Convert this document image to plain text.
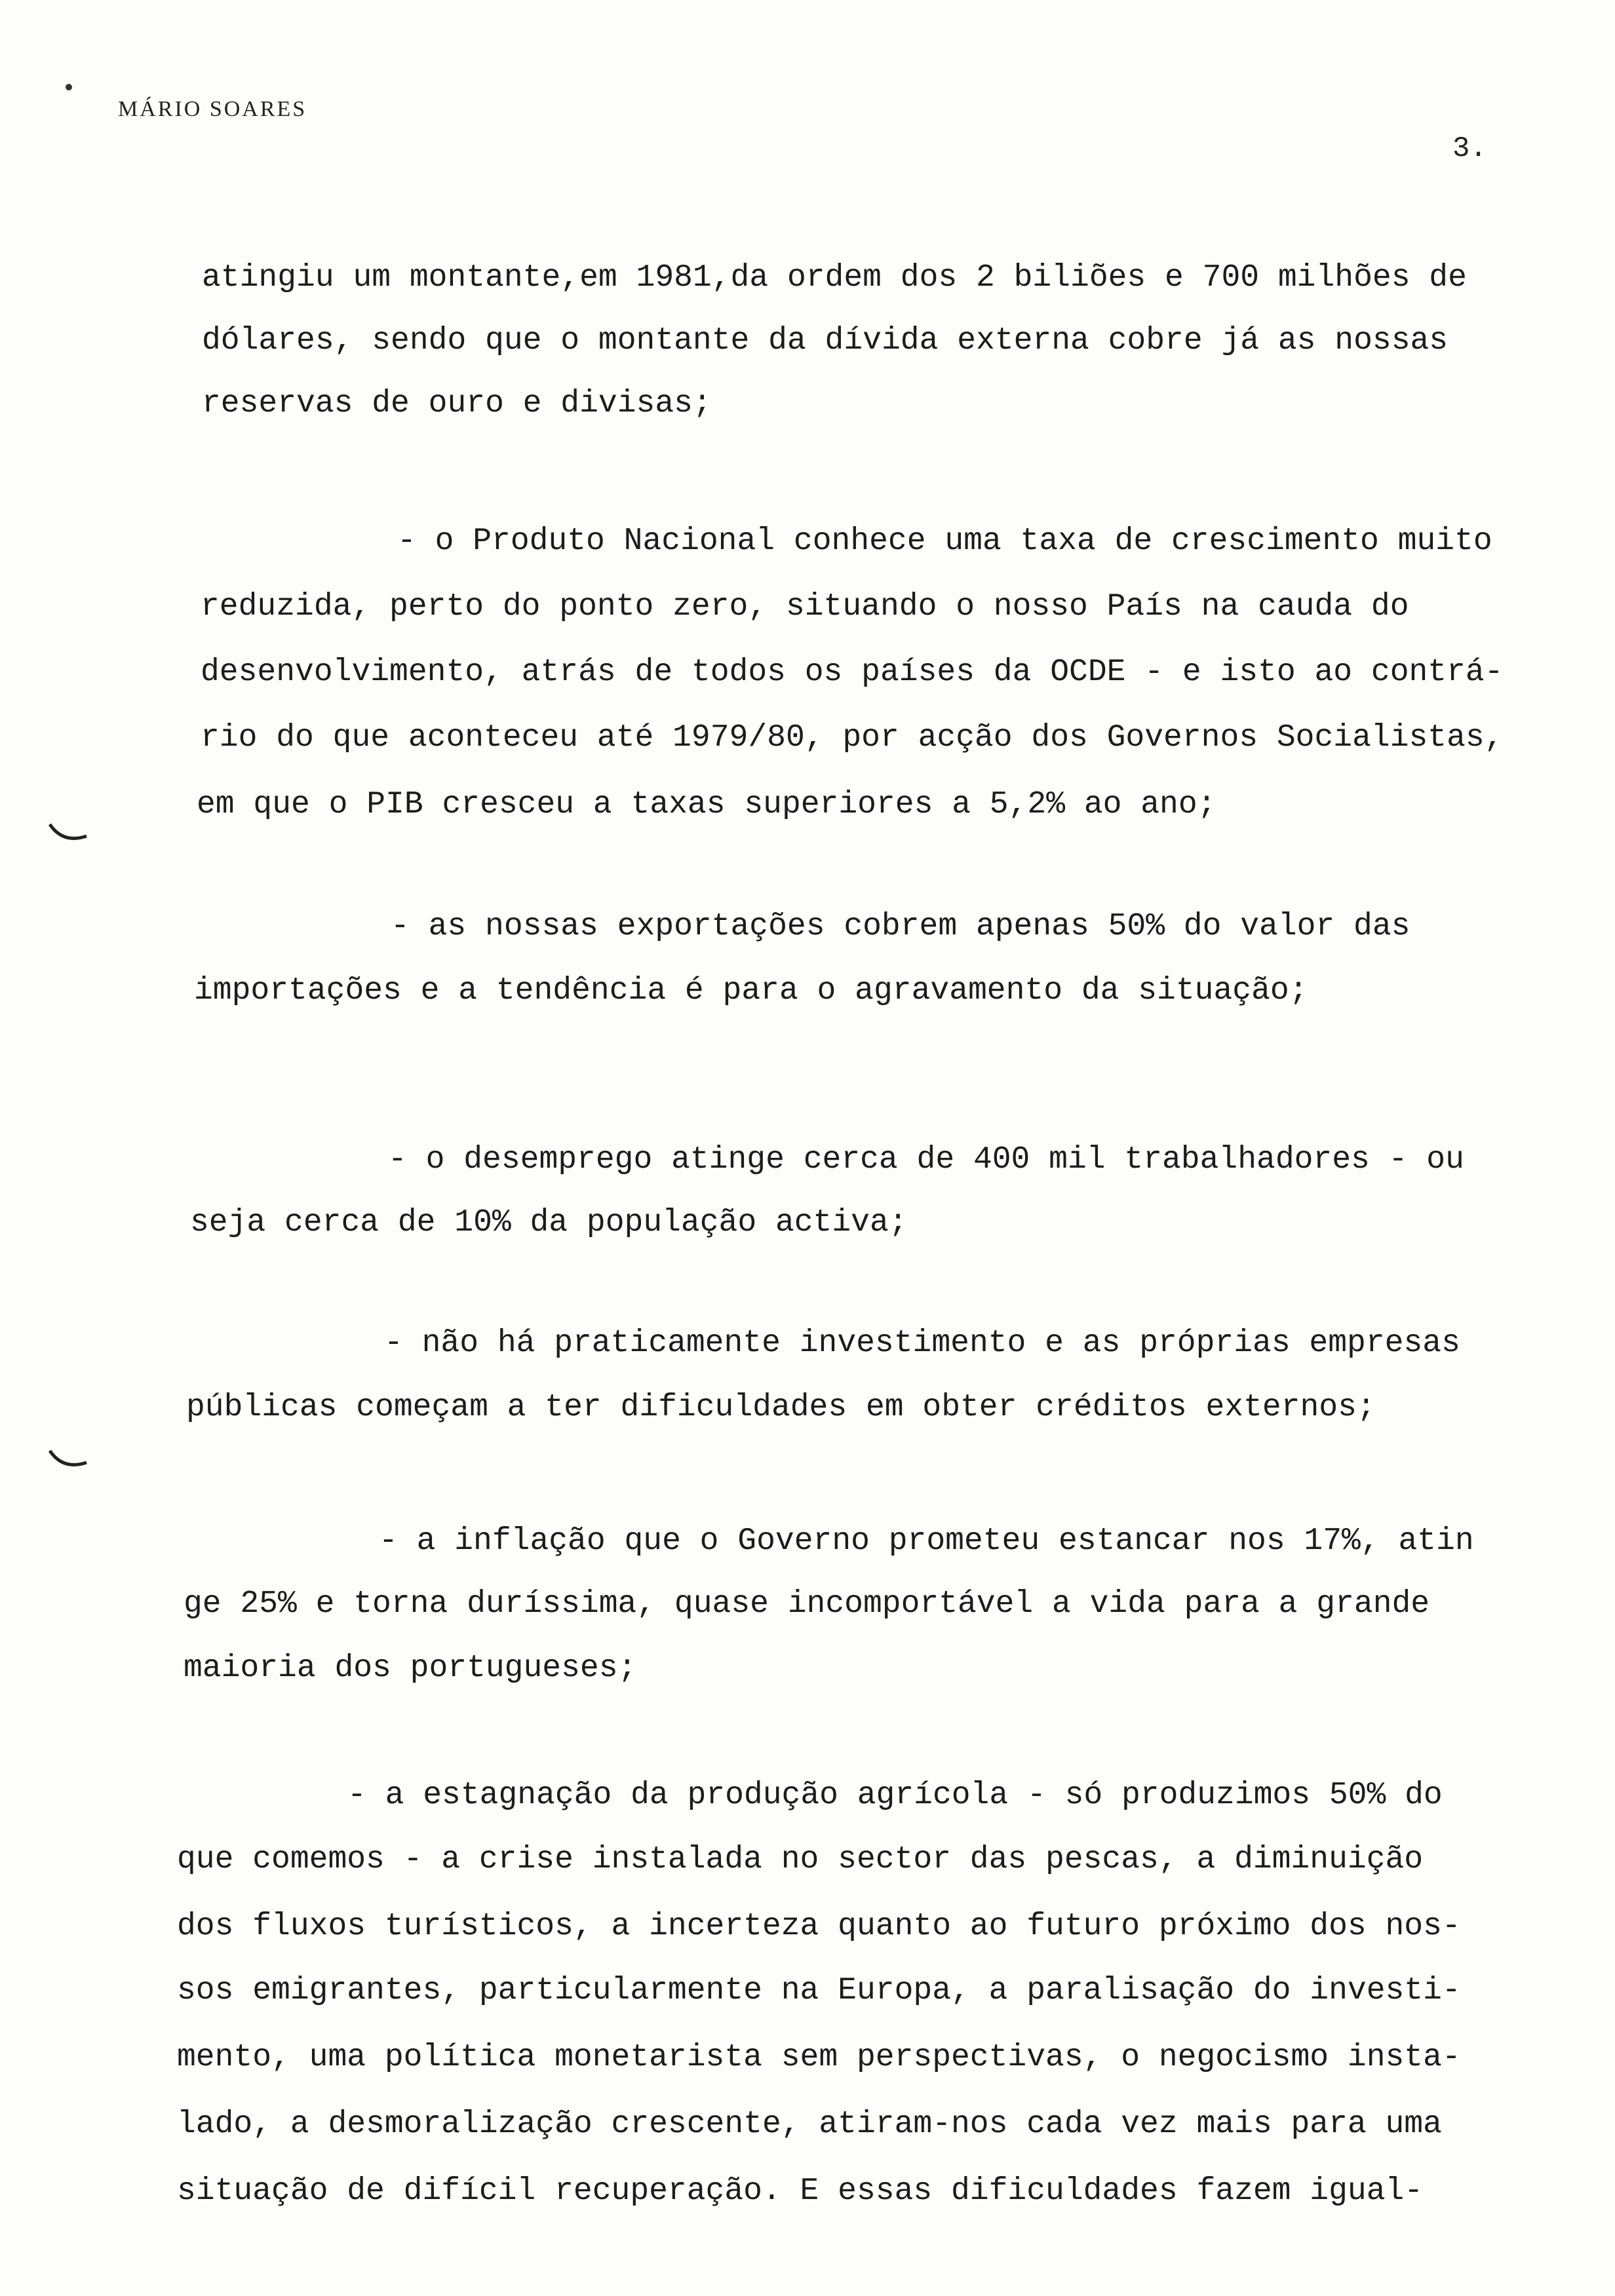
MÁRIO SOARES
3.
atingiu um montante,em 1981,da ordem dos 2 biliões e 700 milhões de
dólares, sendo que o montante da dívida externa cobre já as nossas
reservas de ouro e divisas;
- o Produto Nacional conhece uma taxa de crescimento muito
reduzida, perto do ponto zero, situando o nosso País na cauda do
desenvolvimento, atrás de todos os países da OCDE - e isto ao contrá-
rio do que aconteceu até 1979/80, por acção dos Governos Socialistas,
em que o PIB cresceu a taxas superiores a 5,2% ao ano;
- as nossas exportações cobrem apenas 50% do valor das
importações e a tendência é para o agravamento da situação;
- o desemprego atinge cerca de 400 mil trabalhadores - ou
seja cerca de 10% da população activa;
- não há praticamente investimento e as próprias empresas
públicas começam a ter dificuldades em obter créditos externos;
- a inflação que o Governo prometeu estancar nos 17%, atin
ge 25% e torna duríssima, quase incomportável a vida para a grande
maioria dos portugueses;
- a estagnação da produção agrícola - só produzimos 50% do
que comemos - a crise instalada no sector das pescas, a diminuição
dos fluxos turísticos, a incerteza quanto ao futuro próximo dos nos-
sos emigrantes, particularmente na Europa, a paralisação do investi-
mento, uma política monetarista sem perspectivas, o negocismo insta-
lado, a desmoralização crescente, atiram-nos cada vez mais para uma
situação de difícil recuperação. E essas dificuldades fazem igual-
